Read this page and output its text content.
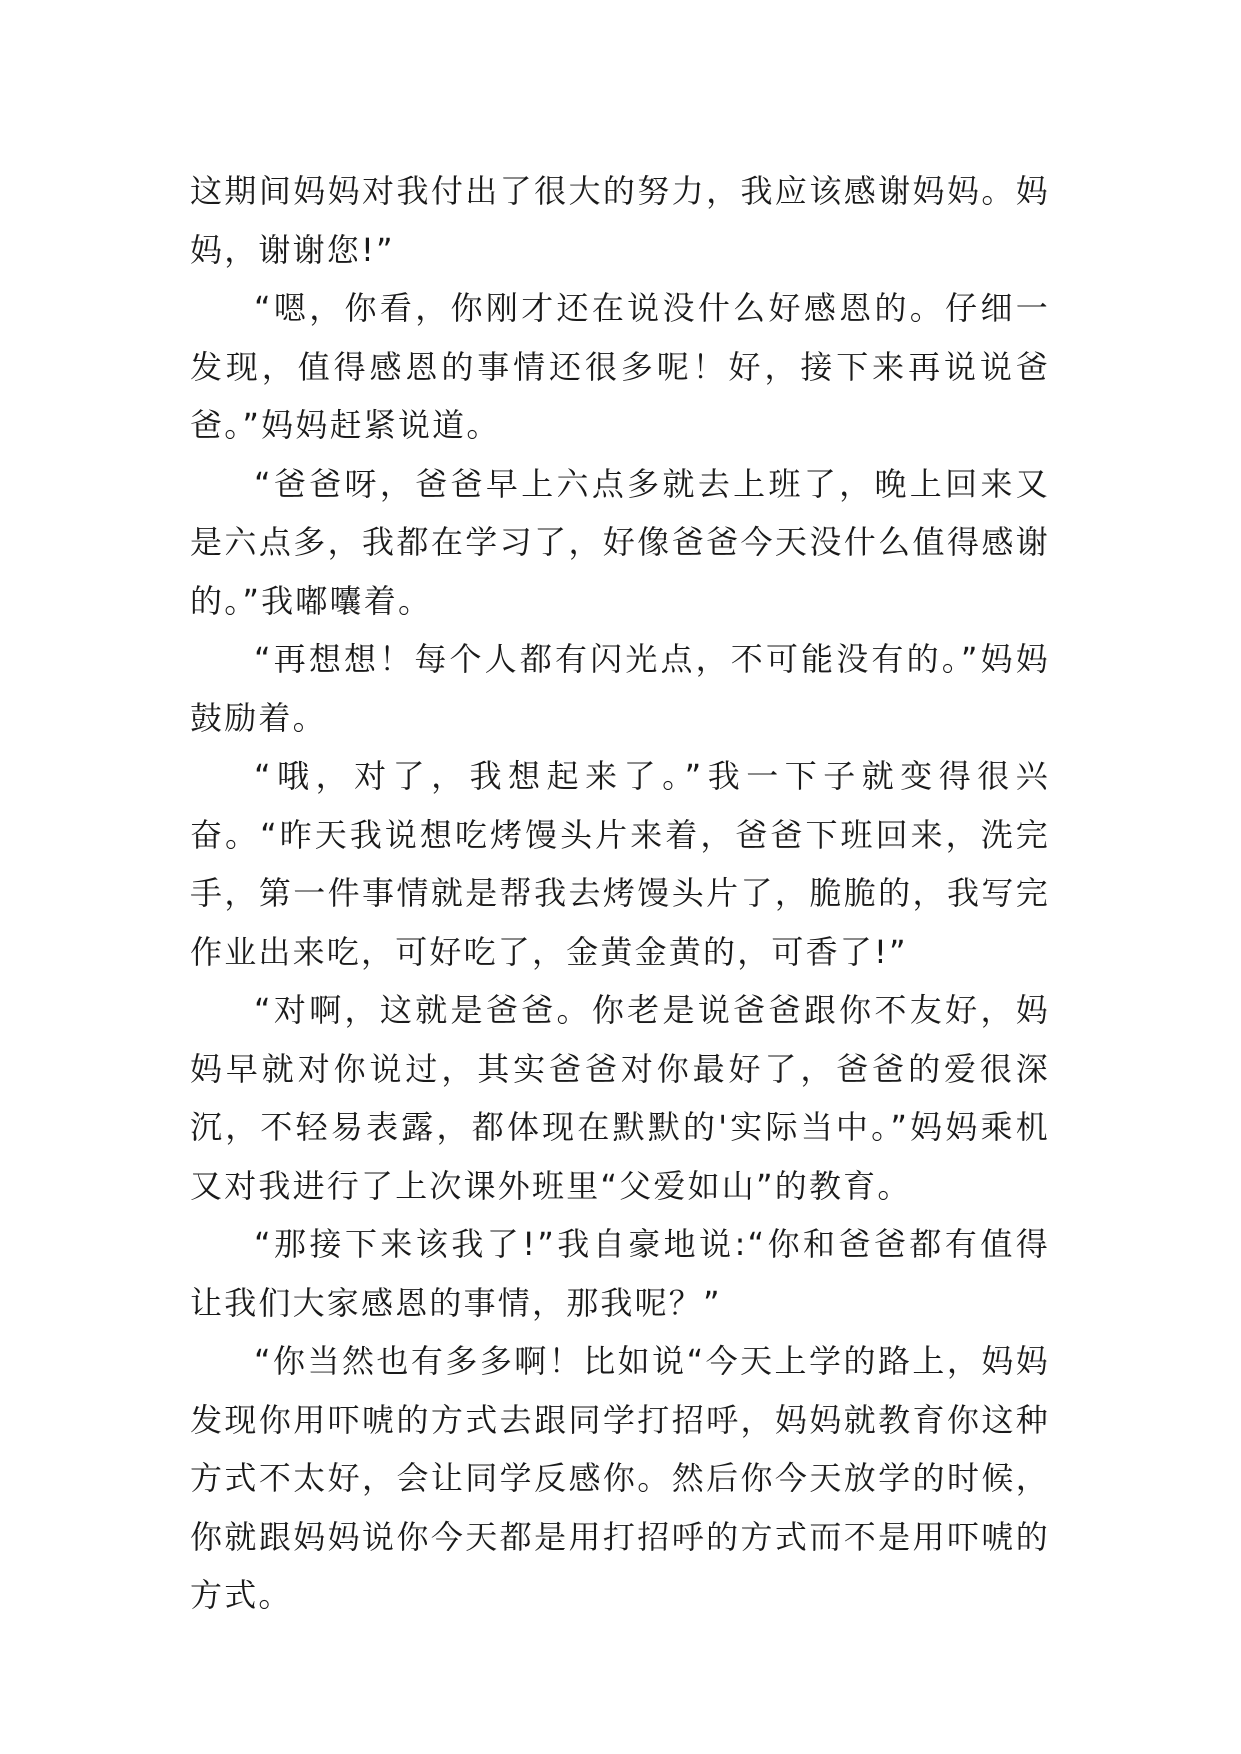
这期间妈妈对我付出了很大的努力，我应该感谢妈妈。妈妈，谢谢您!”

“嗯，你看，你刚才还在说没什么好感恩的。仔细一发现，值得感恩的事情还很多呢！好，接下来再说说爸爸。”妈妈赶紧说道。

“爸爸呀，爸爸早上六点多就去上班了，晚上回来又是六点多，我都在学习了，好像爸爸今天没什么值得感谢的。”我嘟囔着。

“再想想！每个人都有闪光点，不可能没有的。”妈妈鼓励着。

“哦，对了，我想起来了。”我一下子就变得很兴奋。“昨天我说想吃烤馒头片来着，爸爸下班回来，洗完手，第一件事情就是帮我去烤馒头片了，脆脆的，我写完作业出来吃，可好吃了，金黄金黄的，可香了!”

“对啊，这就是爸爸。你老是说爸爸跟你不友好，妈妈早就对你说过，其实爸爸对你最好了，爸爸的爱很深沉，不轻易表露，都体现在默默的'实际当中。”妈妈乘机又对我进行了上次课外班里“父爱如山”的教育。

“那接下来该我了!”我自豪地说:“你和爸爸都有值得让我们大家感恩的事情，那我呢？”

“你当然也有多多啊！比如说“今天上学的路上，妈妈发现你用吓唬的方式去跟同学打招呼，妈妈就教育你这种方式不太好，会让同学反感你。然后你今天放学的时候，你就跟妈妈说你今天都是用打招呼的方式而不是用吓唬的方式。
